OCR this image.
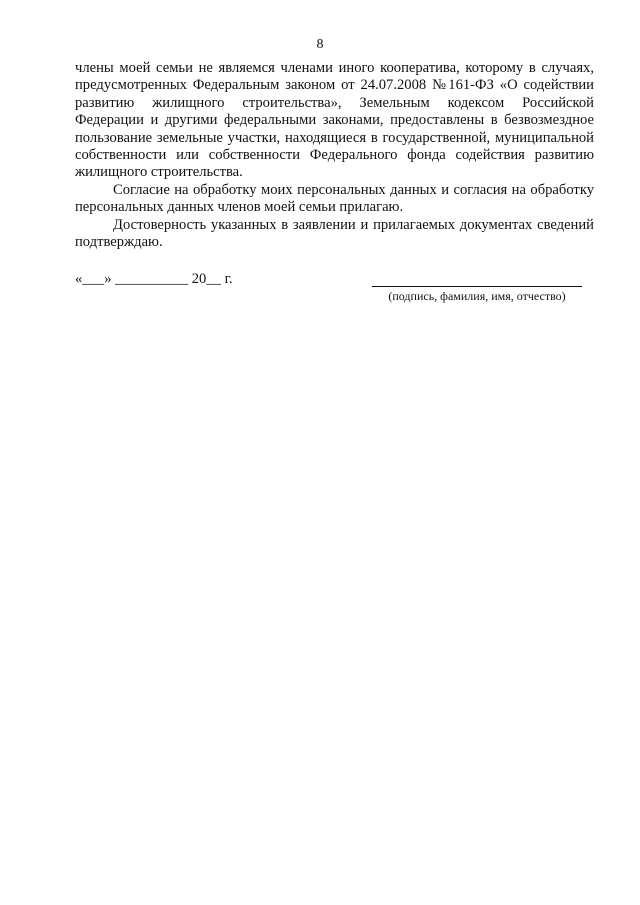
8

члены моей семьи не являемся членами иного кооператива, которому в случаях, предусмотренных Федеральным законом от 24.07.2008 №161-ФЗ «О содействии развитию жилищного строительства», Земельным кодексом Российской Федерации и другими федеральными законами, предоставлены в безвозмездное пользование земельные участки, находящиеся в государственной, муниципальной собственности или собственности Федерального фонда содействия развитию жилищного строительства.

Согласие на обработку моих персональных данных и согласия на обработку персональных данных членов моей семьи прилагаю.

Достоверность указанных в заявлении и прилагаемых документах сведений подтверждаю.

«___» __________ 20__ г.
(подпись, фамилия, имя, отчество)
